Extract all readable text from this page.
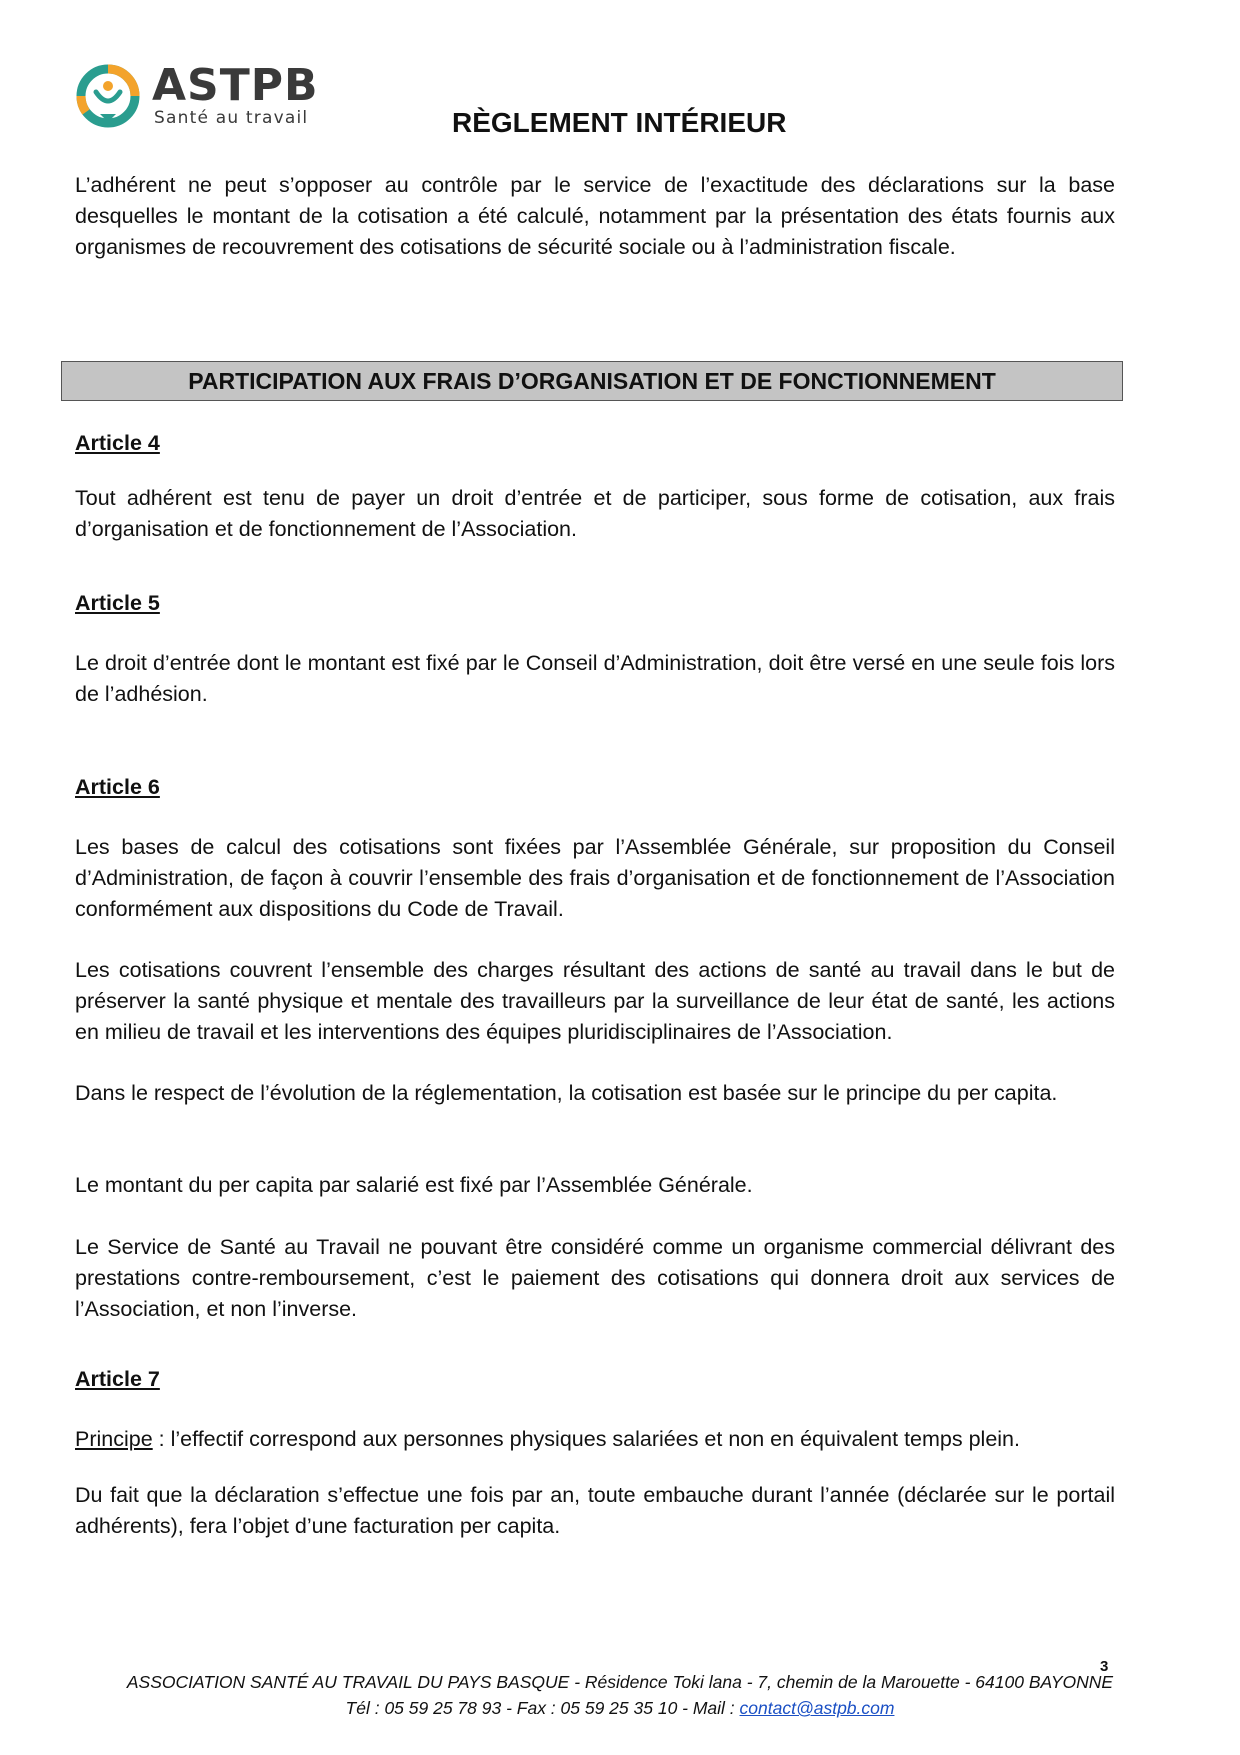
ASTPB
Santé au travail	RÈGLEMENT INTÉRIEUR

L’adhérent ne peut s’opposer au contrôle par le service de l’exactitude des déclarations sur la base desquelles le montant de la cotisation a été calculé, notamment par la présentation des états fournis aux organismes de recouvrement des cotisations de sécurité sociale ou à l’administration fiscale.

PARTICIPATION AUX FRAIS D’ORGANISATION ET DE FONCTIONNEMENT
Article 4

Tout adhérent est tenu de payer un droit d’entrée et de participer, sous forme de cotisation, aux frais d’organisation et de fonctionnement de l’Association.

Article 5

Le droit d’entrée dont le montant est fixé par le Conseil d’Administration, doit être versé en une seule fois lors de l’adhésion.

Article 6

Les bases de calcul des cotisations sont fixées par l’Assemblée Générale, sur proposition du Conseil d’Administration, de façon à couvrir l’ensemble des frais d’organisation et de fonctionnement de l’Association conformément aux dispositions du Code de Travail.

Les cotisations couvrent l’ensemble des charges résultant des actions de santé au travail dans le but de préserver la santé physique et mentale des travailleurs par la surveillance de leur état de santé, les actions en milieu de travail et les interventions des équipes pluridisciplinaires de l’Association.

Dans le respect de l’évolution de la réglementation, la cotisation est basée sur le principe du per capita.

Le montant du per capita par salarié est fixé par l’Assemblée Générale.

Le Service de Santé au Travail ne pouvant être considéré comme un organisme commercial délivrant des prestations contre-remboursement, c’est le paiement des cotisations qui donnera droit aux services de l’Association, et non l’inverse.

Article 7

Principe : l’effectif correspond aux personnes physiques salariées et non en équivalent temps plein.

Du fait que la déclaration s’effectue une fois par an, toute embauche durant l’année (déclarée sur le portail adhérents), fera l’objet d’une facturation per capita.

3
ASSOCIATION SANTÉ AU TRAVAIL DU PAYS BASQUE - Résidence Toki lana - 7, chemin de la Marouette - 64100 BAYONNE
Tél : 05 59 25 78 93 - Fax : 05 59 25 35 10 - Mail : contact@astpb.com
